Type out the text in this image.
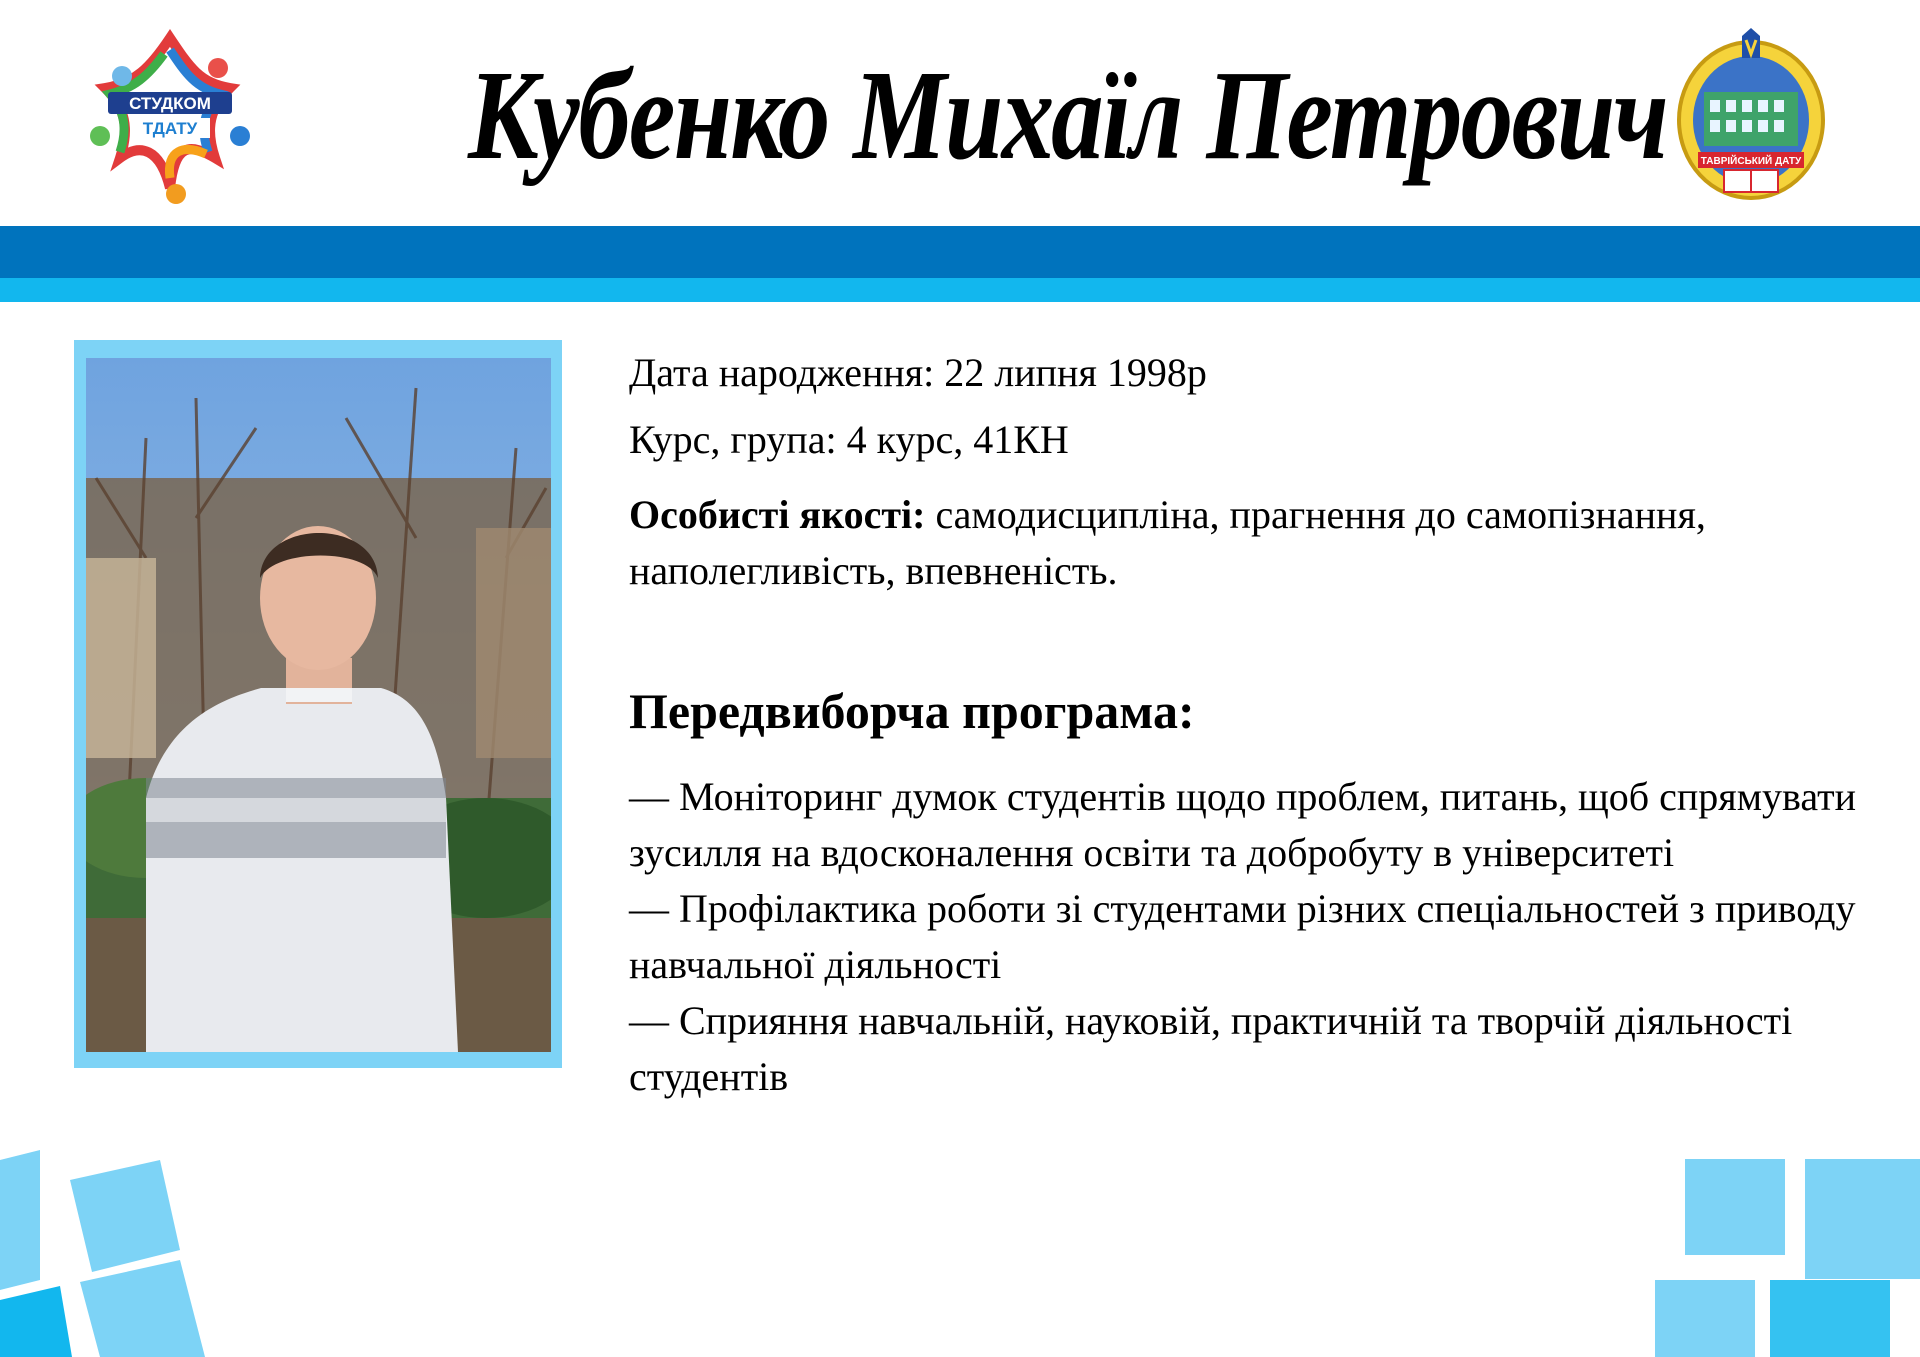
Кубенко Михаїл Петрович
СТУДКОМ
ТДАТУ
ТАВРІЙСЬКИЙ ДАТУ

Дата народження: 22 липня 1998р

Курс, група: 4 курс, 41КН

Особисті якості: самодисципліна, прагнення до самопізнання, наполегливість, впевненість.

Передвиборча програма:
— Моніторинг думок студентів щодо проблем, питань, щоб спрямувати зусилля на вдосконалення освіти та добробуту в університеті
— Профілактика роботи зі студентами різних спеціальностей з приводу навчальної діяльності
— Сприяння навчальній, науковій, практичній та творчій діяльності студентів
